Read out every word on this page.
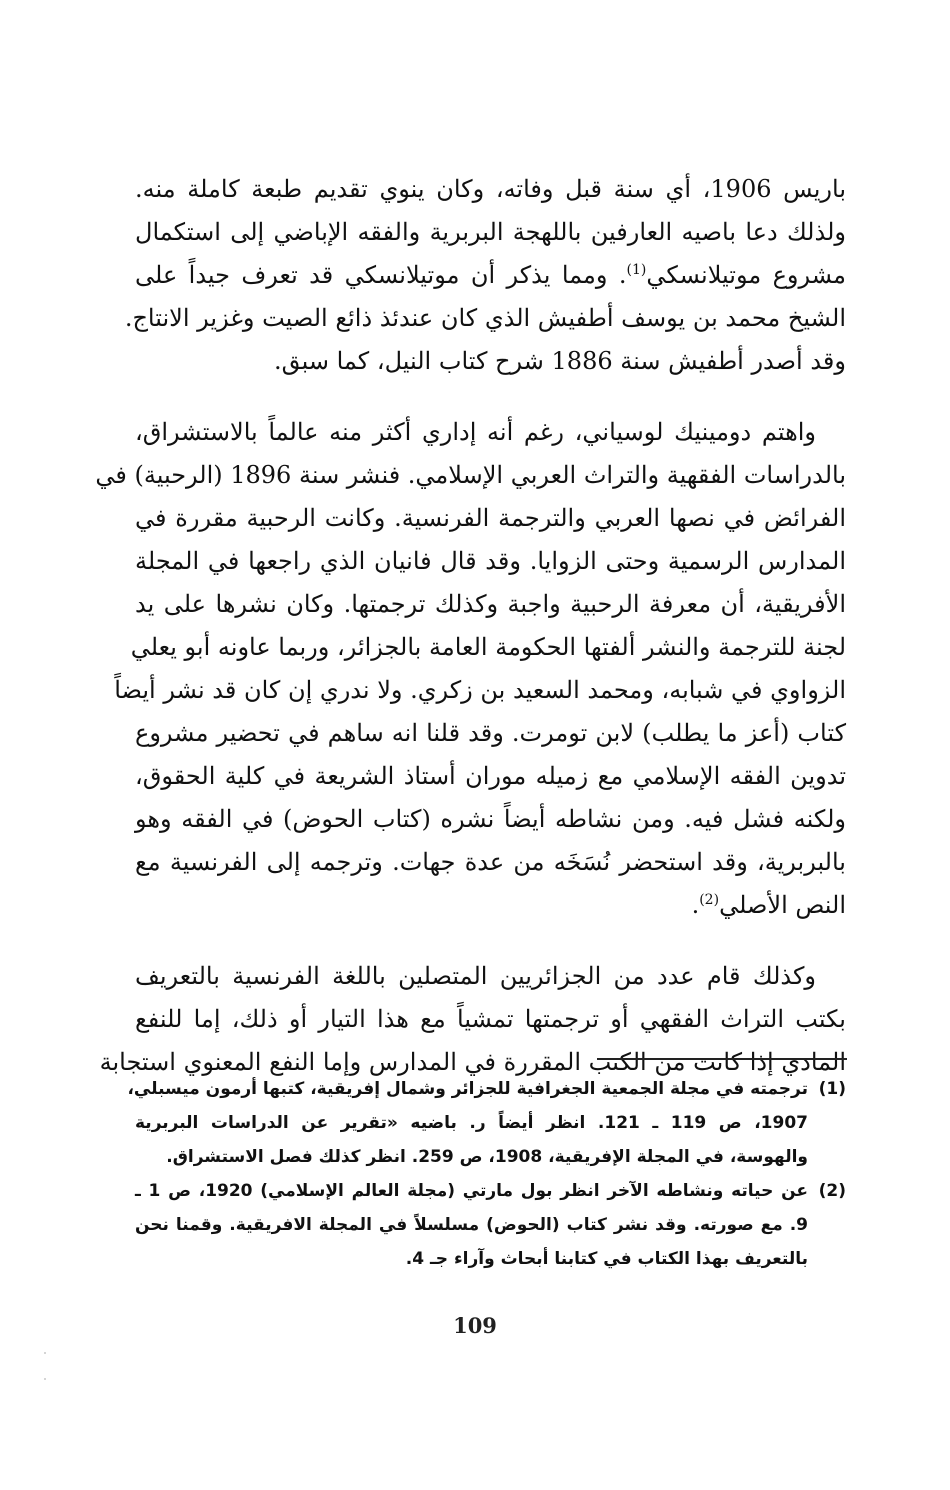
باريس 1906، أي سنة قبل وفاته، وكان ينوي تقديم طبعة كاملة منه.
ولذلك دعا باصيه العارفين باللهجة البربرية والفقه الإباضي إلى استكمال
مشروع موتيلانسكي$^{(1)}$. ومما يذكر أن موتيلانسكي قد تعرف جيداً على
الشيخ محمد بن يوسف أطفيش الذي كان عندئذ ذائع الصيت وغزير الانتاج.
وقد أصدر أطفيش سنة 1886 شرح كتاب النيل، كما سبق.
واهتم دومينيك لوسياني، رغم أنه إداري أكثر منه عالماً بالاستشراق،
بالدراسات الفقهية والتراث العربي الإسلامي. فنشر سنة 1896 (الرحبية) في
الفرائض في نصها العربي والترجمة الفرنسية. وكانت الرحبية مقررة في
المدارس الرسمية وحتى الزوايا. وقد قال فانيان الذي راجعها في المجلة
الأفريقية، أن معرفة الرحبية واجبة وكذلك ترجمتها. وكان نشرها على يد
لجنة للترجمة والنشر ألفتها الحكومة العامة بالجزائر، وربما عاونه أبو يعلي
الزواوي في شبابه، ومحمد السعيد بن زكري. ولا ندري إن كان قد نشر أيضاً
كتاب (أعز ما يطلب) لابن تومرت. وقد قلنا انه ساهم في تحضير مشروع
تدوين الفقه الإسلامي مع زميله موران أستاذ الشريعة في كلية الحقوق،
ولكنه فشل فيه. ومن نشاطه أيضاً نشره (كتاب الحوض) في الفقه وهو
بالبربرية، وقد استحضر نُسَخَه من عدة جهات. وترجمه إلى الفرنسية مع
النص الأصلي$^{(2)}$.
وكذلك قام عدد من الجزائريين المتصلين باللغة الفرنسية بالتعريف
بكتب التراث الفقهي أو ترجمتها تمشياً مع هذا التيار أو ذلك، إما للنفع
المادي إذا كانت من الكتب المقررة في المدارس وإما النفع المعنوي استجابة
(1)ترجمته في مجلة الجمعية الجغرافية للجزائر وشمال إفريقية، كتبها أرمون ميسبلي،
1907، ص 119 ـ 121. انظر أيضاً ر. باضيه «تقرير عن الدراسات البربرية
والهوسة، في المجلة الإفريقية، 1908، ص 259. انظر كذلك فصل الاستشراق.
(2)عن حياته ونشاطه الآخر انظر بول مارتي (مجلة العالم الإسلامي) 1920، ص 1 ـ
9. مع صورته. وقد نشر كتاب (الحوض) مسلسلاً في المجلة الافريقية. وقمنا نحن
بالتعريف بهذا الكتاب في كتابنا أبحاث وآراء جـ 4.
109
